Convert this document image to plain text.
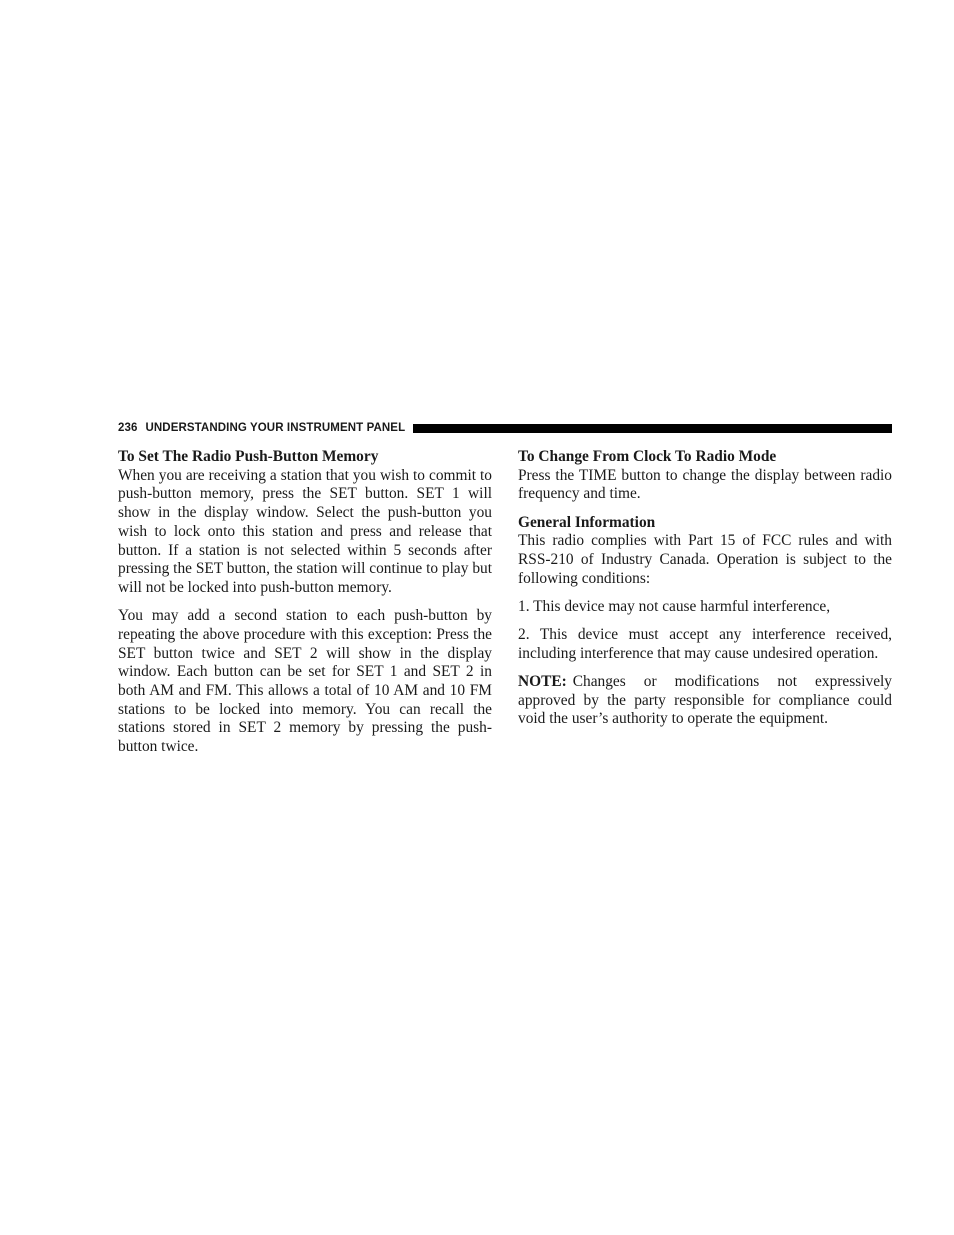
236 UNDERSTANDING YOUR INSTRUMENT PANEL

To Set The Radio Push-Button Memory

When you are receiving a station that you wish to commit to push-button memory, press the SET button. SET 1 will show in the display window. Select the push-button you wish to lock onto this station and press and release that button. If a station is not selected within 5 seconds after pressing the SET button, the station will continue to play but will not be locked into push-button memory.

You may add a second station to each push-button by repeating the above procedure with this exception: Press the SET button twice and SET 2 will show in the display window. Each button can be set for SET 1 and SET 2 in both AM and FM. This allows a total of 10 AM and 10 FM stations to be locked into memory. You can recall the stations stored in SET 2 memory by pressing the push-button twice.

To Change From Clock To Radio Mode

Press the TIME button to change the display between radio frequency and time.

General Information

This radio complies with Part 15 of FCC rules and with RSS-210 of Industry Canada. Operation is subject to the following conditions:

1. This device may not cause harmful interference,

2. This device must accept any interference received, including interference that may cause undesired operation.

NOTE: Changes or modifications not expressively approved by the party responsible for compliance could void the user’s authority to operate the equipment.
